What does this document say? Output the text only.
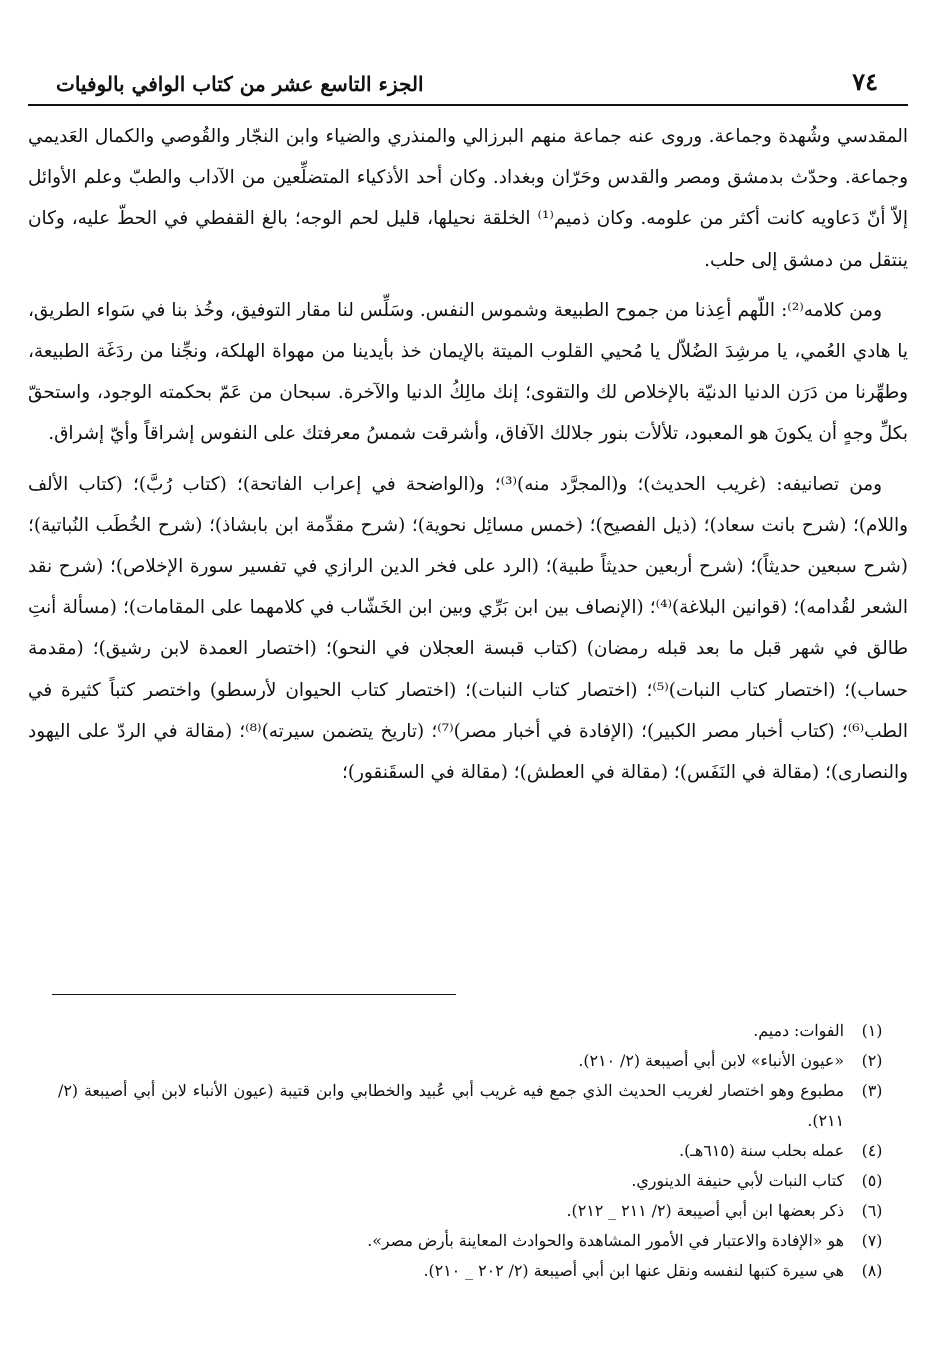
٧٤
الجزء التاسع عشر من كتاب الوافي بالوفيات

المقدسي وشُهدة وجماعة. وروى عنه جماعة منهم البرزالي والمنذري والضياء وابن النجّار والقُوصي والكمال العَديمي وجماعة. وحدّث بدمشق ومصر والقدس وحَرّان وبغداد. وكان أحد الأذكياء المتضلِّعين من الآداب والطبّ وعلم الأوائل إلاّ أنّ دَعاويه كانت أكثر من علومه. وكان ذميم⁽¹⁾ الخلقة نحيلها، قليل لحم الوجه؛ بالغ القفطي في الحطّ عليه، وكان ينتقل من دمشق إلى حلب.

ومن كلامه⁽²⁾: اللّهم أعِذنا من جموح الطبيعة وشموس النفس. وسَلِّس لنا مقار التوفيق، وخُذ بنا في سَواء الطريق، يا هادي العُمي، يا مرشِدَ الضُلاّل يا مُحيي القلوب الميتة بالإيمان خذ بأيدينا من مهواة الهلكة، ونجِّنا من ردَغَة الطبيعة، وطهِّرنا من دَرَن الدنيا الدنيّة بالإخلاص لك والتقوى؛ إنك مالِكُ الدنيا والآخرة. سبحان من عَمّ بحكمته الوجود، واستحقّ بكلِّ وجهٍ أن يكونَ هو المعبود، تلألأت بنور جلالك الآفاق، وأشرقت شمسُ معرفتك على النفوس إشراقاً وأيّ إشراق.

ومن تصانيفه: (غريب الحديث)؛ و(المجرَّد منه)⁽³⁾؛ و(الواضحة في إعراب الفاتحة)؛ (كتاب رُبَّ)؛ (كتاب الألف واللام)؛ (شرح بانت سعاد)؛ (ذيل الفصيح)؛ (خمس مسائِل نحوية)؛ (شرح مقدِّمة ابن بابشاذ)؛ (شرح الخُطَب النُباتية)؛ (شرح سبعين حديثاً)؛ (شرح أربعين حديثاً طبية)؛ (الرد على فخر الدين الرازي في تفسير سورة الإخلاص)؛ (شرح نقد الشعر لقُدامه)؛ (قوانين البلاغة)⁽⁴⁾؛ (الإنصاف بين ابن بَرِّي وبين ابن الخَشّاب في كلامهما على المقامات)؛ (مسألة أنتِ طالق في شهر قبل ما بعد قبله رمضان) (كتاب قبسة العجلان في النحو)؛ (اختصار العمدة لابن رشيق)؛ (مقدمة حساب)؛ (اختصار كتاب النبات)⁽⁵⁾؛ (اختصار كتاب النبات)؛ (اختصار كتاب الحيوان لأرسطو) واختصر كتباً كثيرة في الطب⁽⁶⁾؛ (كتاب أخبار مصر الكبير)؛ (الإفادة في أخبار مصر)⁽⁷⁾؛ (تاريخ يتضمن سيرته)⁽⁸⁾؛ (مقالة في الردّ على اليهود والنصارى)؛ (مقالة في النَفَس)؛ (مقالة في العطش)؛ (مقالة في السقَنقور)؛

(١)
الفوات: دميم.
(٢)
«عيون الأنباء» لابن أبي أصيبعة (٢/ ٢١٠).
(٣)
مطبوع وهو اختصار لغريب الحديث الذي جمع فيه غريب أبي عُبيد والخطابي وابن قتيبة (عيون الأنباء لابن أبي أصيبعة (٢/ ٢١١).
(٤)
عمله بحلب سنة (٦١٥هـ).
(٥)
كتاب النبات لأبي حنيفة الدينوري.
(٦)
ذكر بعضها ابن أبي أصيبعة (٢/ ٢١١ _ ٢١٢).
(٧)
هو «الإفادة والاعتبار في الأمور المشاهدة والحوادث المعاينة بأرض مصر».
(٨)
هي سيرة كتبها لنفسه ونقل عنها ابن أبي أصيبعة (٢/ ٢٠٢ _ ٢١٠).
